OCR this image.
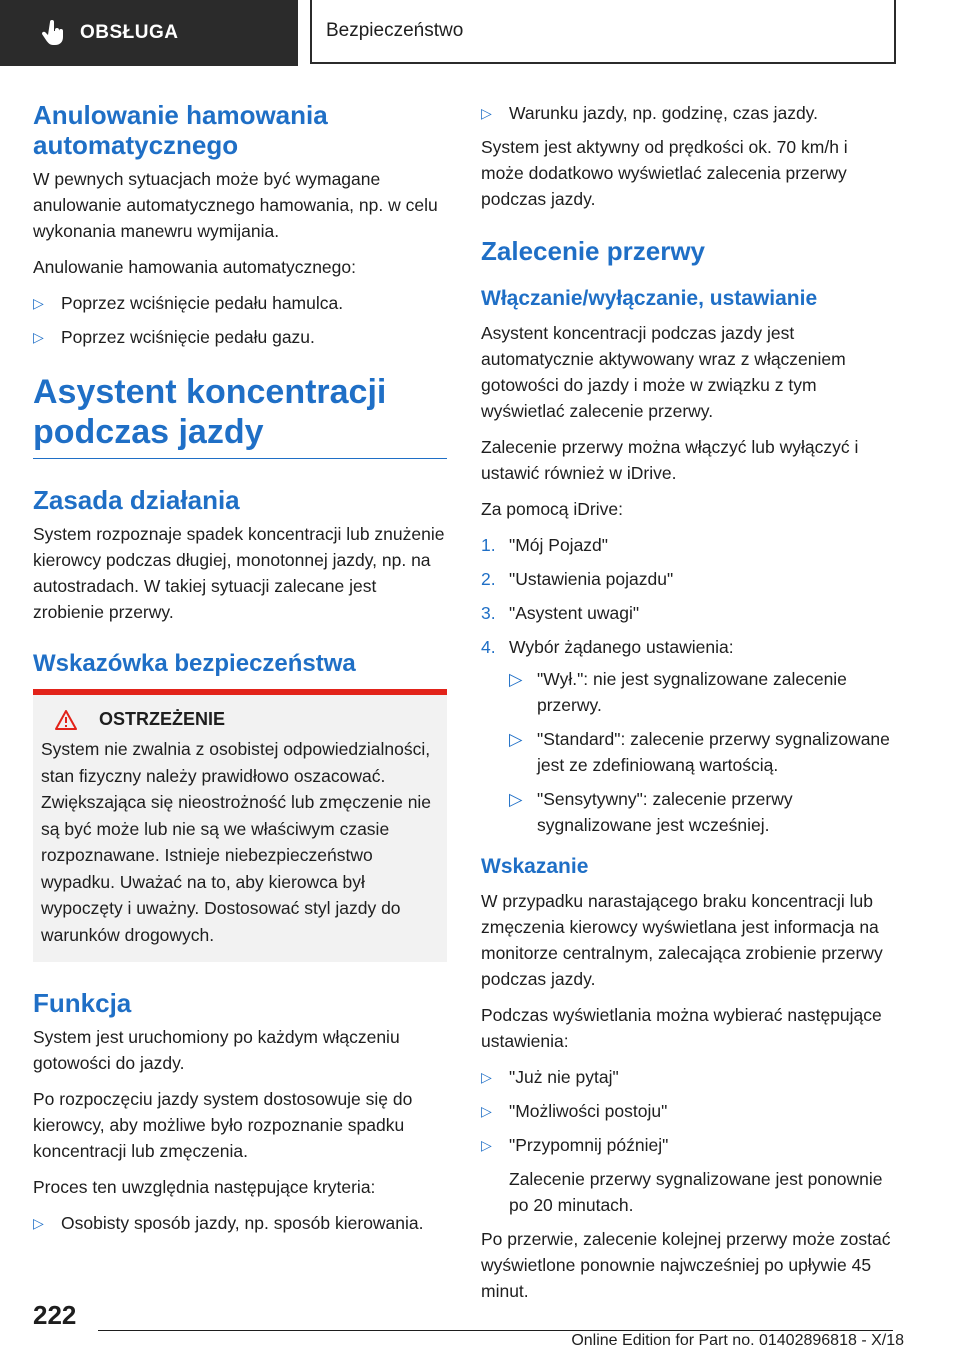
OBSŁUGA	Bezpieczeństwo
Anulowanie hamowania automatycznego

W pewnych sytuacjach może być wymagane anulowanie automatycznego hamowania, np. w celu wykonania manewru wymijania.

Anulowanie hamowania automatycznego:

▷ Poprzez wciśnięcie pedału hamulca.
▷ Poprzez wciśnięcie pedału gazu.
Asystent koncentracji podczas jazdy
Zasada działania

System rozpoznaje spadek koncentracji lub znużenie kierowcy podczas długiej, monotonnej jazdy, np. na autostradach. W takiej sytuacji zalecane jest zrobienie przerwy.

Wskazówka bezpieczeństwa
OSTRZEŻENIE

System nie zwalnia z osobistej odpowiedzialności, stan fizyczny należy prawidłowo oszacować. Zwiększająca się nieostrożność lub zmęczenie nie są być może lub nie są we właściwym czasie rozpoznawane. Istnieje niebezpieczeństwo wypadku. Uważać na to, aby kierowca był wypoczęty i uważny. Dostosować styl jazdy do warunków drogowych.

Funkcja

System jest uruchomiony po każdym włączeniu gotowości do jazdy.

Po rozpoczęciu jazdy system dostosowuje się do kierowcy, aby możliwe było rozpoznanie spadku koncentracji lub zmęczenia.

Proces ten uwzględnia następujące kryteria:

▷ Osobisty sposób jazdy, np. sposób kierowania.
▷ Warunku jazdy, np. godzinę, czas jazdy.

System jest aktywny od prędkości ok. 70 km/h i może dodatkowo wyświetlać zalecenia przerwy podczas jazdy.

Zalecenie przerwy
Włączanie/wyłączanie, ustawianie

Asystent koncentracji podczas jazdy jest automatycznie aktywowany wraz z włączeniem gotowości do jazdy i może w związku z tym wyświetlać zalecenie przerwy.

Zalecenie przerwy można włączyć lub wyłączyć i ustawić również w iDrive.

Za pomocą iDrive:

1. "Mój Pojazd"
2. "Ustawienia pojazdu"
3. "Asystent uwagi"
4. Wybór żądanego ustawienia:
▷ "Wył.": nie jest sygnalizowane zalecenie przerwy.
▷ "Standard": zalecenie przerwy sygnalizowane jest ze zdefiniowaną wartością.
▷ "Sensytywny": zalecenie przerwy sygnalizowane jest wcześniej.
Wskazanie

W przypadku narastającego braku koncentracji lub zmęczenia kierowcy wyświetlana jest informacja na monitorze centralnym, zalecająca zrobienie przerwy podczas jazdy.

Podczas wyświetlania można wybierać następujące ustawienia:

▷ "Już nie pytaj"
▷ "Możliwości postoju"
▷ "Przypomnij później"
Zalecenie przerwy sygnalizowane jest ponownie po 20 minutach.

Po przerwie, zalecenie kolejnej przerwy może zostać wyświetlone ponownie najwcześniej po upływie 45 minut.

222
Online Edition for Part no. 01402896818 - X/18
